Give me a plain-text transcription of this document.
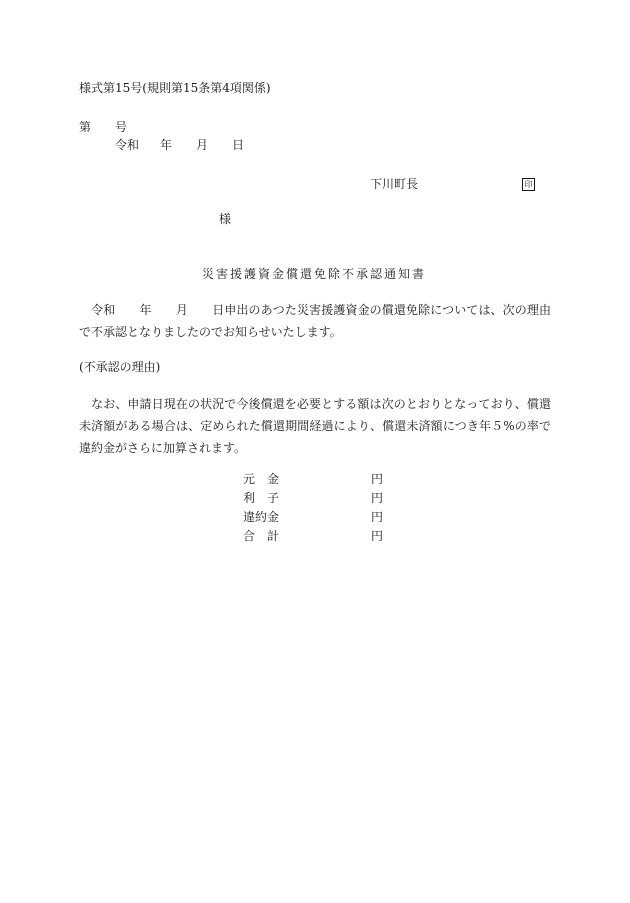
様式第15号(規則第15条第4項関係)
第 号
令和 年 月 日
下川町長	印
様
災害援護資金償還免除不承認通知書
　令和　　年　　月　　日申出のあつた災害援護資金の償還免除については、次の理由で不承認となりましたのでお知らせいたします。
(不承認の理由)
　なお、申請日現在の状況で今後償還を必要とする額は次のとおりとなっており、償還未済額がある場合は、定められた償還期間経過により、償還未済額につき年５%の率で違約金がさらに加算されます。
元　金	円
利　子	円
違約金	円
合　計	円
